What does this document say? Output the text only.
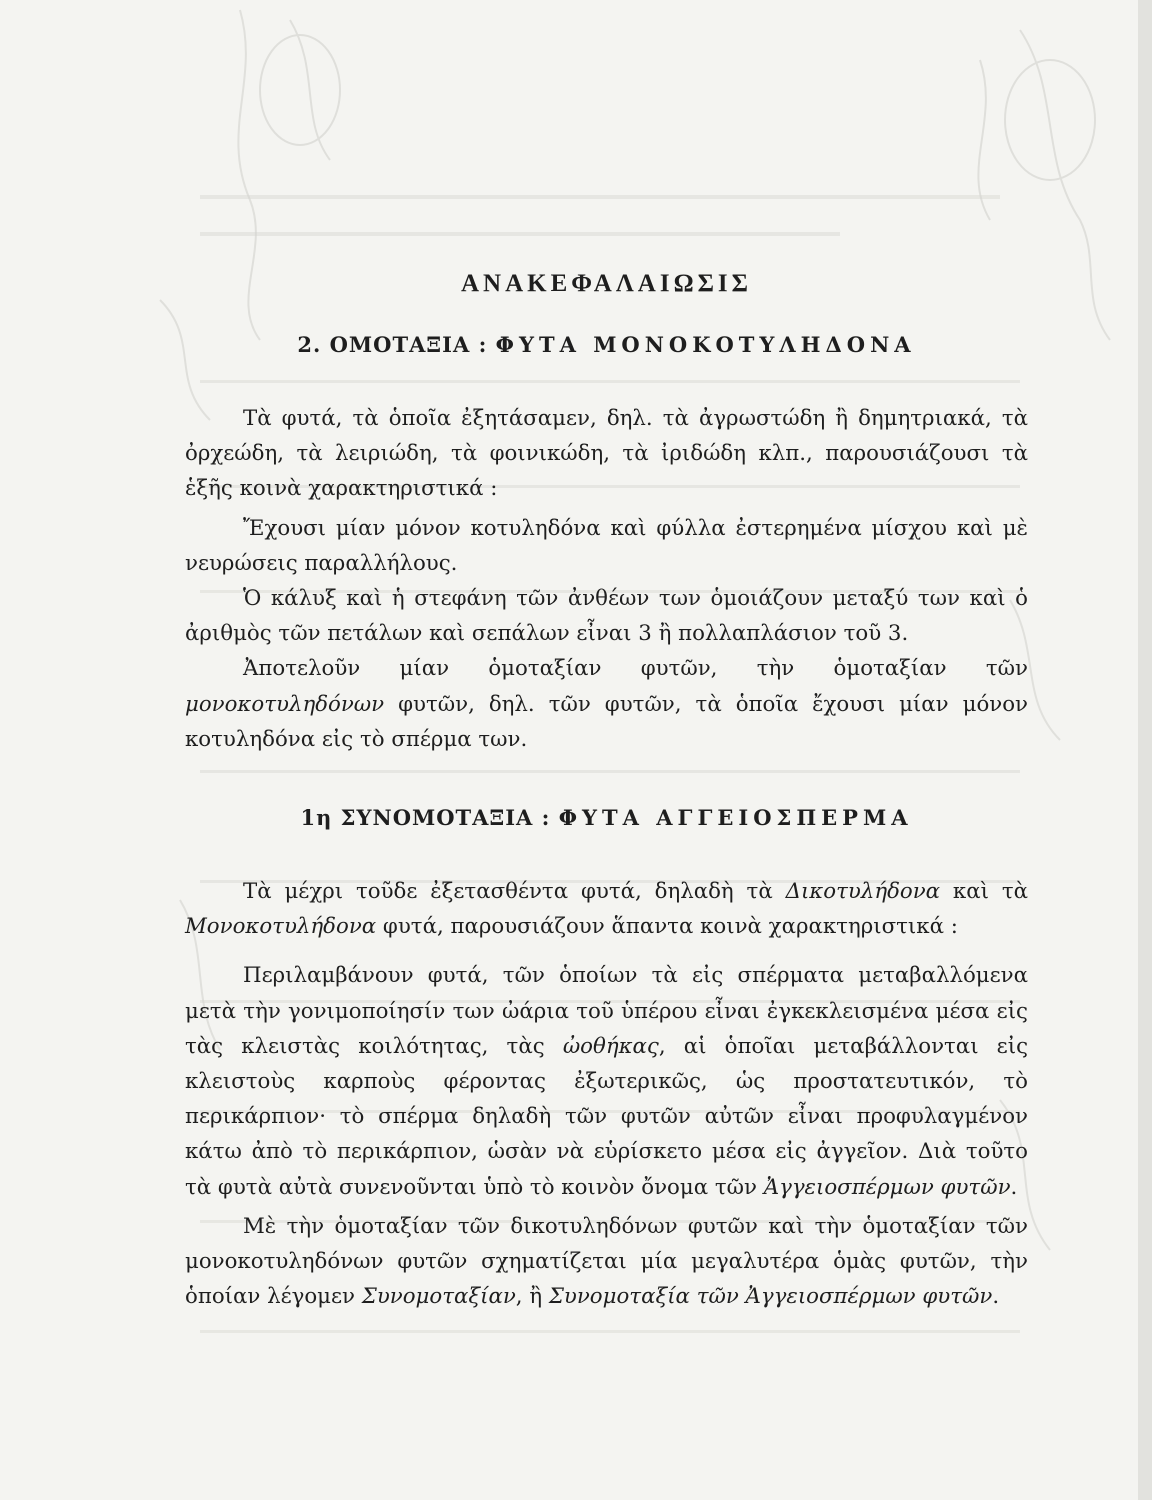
ΑΝΑΚΕΦΑΛΑΙΩΣΙΣ
2. ΟΜΟΤΑΞΙΑ : ΦΥΤΑ ΜΟΝΟΚΟΤΥΛΗΔΟΝΑ

Τὰ φυτά, τὰ ὁποῖα ἐξητάσαμεν, δηλ. τὰ ἀγρωστώδη ἢ δημητριακά, τὰ ὀρχεώδη, τὰ λειριώδη, τὰ φοινικώδη, τὰ ἰριδώδη κλπ., παρουσιάζουσι τὰ ἑξῆς κοινὰ χαρακτηριστικά :

Ἔχουσι μίαν μόνον κοτυληδόνα καὶ φύλλα ἐστερημένα μίσχου καὶ μὲ νευρώσεις παραλλήλους.

Ὁ κάλυξ καὶ ἡ στεφάνη τῶν ἀνθέων των ὁμοιάζουν μεταξύ των καὶ ὁ ἀριθμὸς τῶν πετάλων καὶ σεπάλων εἶναι 3 ἢ πολλαπλάσιον τοῦ 3.

Ἀποτελοῦν μίαν ὁμοταξίαν φυτῶν, τὴν ὁμοταξίαν τῶν μονοκοτυληδόνων φυτῶν, δηλ. τῶν φυτῶν, τὰ ὁποῖα ἔχουσι μίαν μόνον κοτυληδόνα εἰς τὸ σπέρμα των.

1η ΣΥΝΟΜΟΤΑΞΙΑ : ΦΥΤΑ ΑΓΓΕΙΟΣΠΕΡΜΑ

Τὰ μέχρι τοῦδε ἐξετασθέντα φυτά, δηλαδὴ τὰ Δικοτυλήδονα καὶ τὰ Μονοκοτυλήδονα φυτά, παρουσιάζουν ἅπαντα κοινὰ χαρακτηριστικά :

Περιλαμβάνουν φυτά, τῶν ὁποίων τὰ εἰς σπέρματα μεταβαλλόμενα μετὰ τὴν γονιμοποίησίν των ὠάρια τοῦ ὑπέρου εἶναι ἐγκεκλεισμένα μέσα εἰς τὰς κλειστὰς κοιλότητας, τὰς ὠοθήκας, αἱ ὁποῖαι μεταβάλλονται εἰς κλειστοὺς καρποὺς φέροντας ἐξωτερικῶς, ὡς προστατευτικόν, τὸ περικάρπιον· τὸ σπέρμα δηλαδὴ τῶν φυτῶν αὐτῶν εἶναι προφυλαγμένον κάτω ἀπὸ τὸ περικάρπιον, ὡσὰν νὰ εὑρίσκετο μέσα εἰς ἀγγεῖον. Διὰ τοῦτο τὰ φυτὰ αὐτὰ συνενοῦνται ὑπὸ τὸ κοινὸν ὄνομα τῶν Ἀγγειοσπέρμων φυτῶν.

Μὲ τὴν ὁμοταξίαν τῶν δικοτυληδόνων φυτῶν καὶ τὴν ὁμοταξίαν τῶν μονοκοτυληδόνων φυτῶν σχηματίζεται μία μεγαλυτέρα ὁμὰς φυτῶν, τὴν ὁποίαν λέγομεν Συνομοταξίαν, ἢ Συνομοταξία τῶν Ἀγγειοσπέρμων φυτῶν.
